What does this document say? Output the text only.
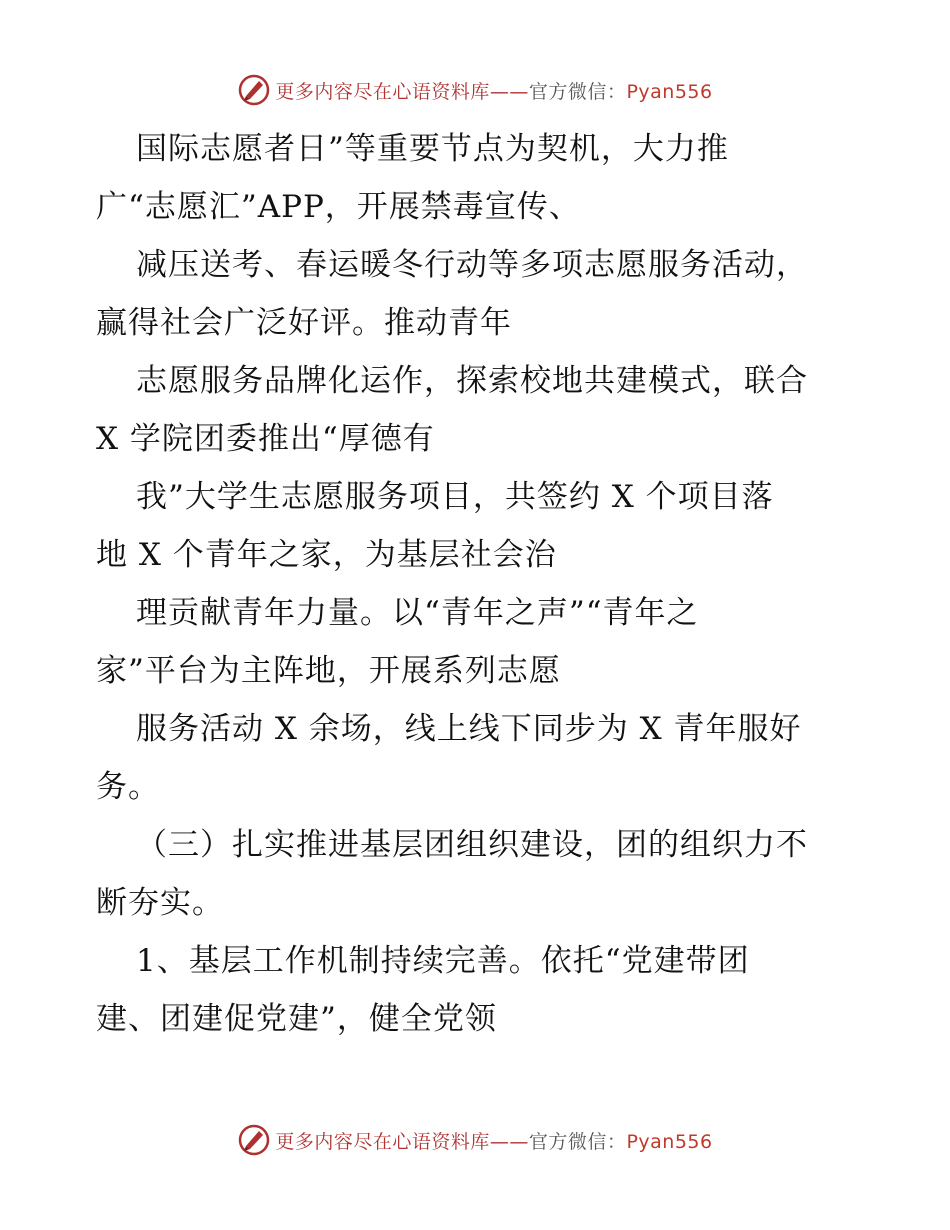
更多内容尽在心语资料库——官方微信：Pyan556
国际志愿者日”等重要节点为契机，大力推
广“志愿汇”APP，开展禁毒宣传、
减压送考、春运暖冬行动等多项志愿服务活动，
赢得社会广泛好评。推动青年
志愿服务品牌化运作，探索校地共建模式，联合
X 学院团委推出“厚德有
我”大学生志愿服务项目，共签约 X 个项目落
地 X 个青年之家，为基层社会治
理贡献青年力量。以“青年之声”“青年之
家”平台为主阵地，开展系列志愿
服务活动 X 余场，线上线下同步为 X 青年服好
务。
（三）扎实推进基层团组织建设，团的组织力不
断夯实。
1、基层工作机制持续完善。依托“党建带团
建、团建促党建”，健全党领
更多内容尽在心语资料库——官方微信：Pyan556
